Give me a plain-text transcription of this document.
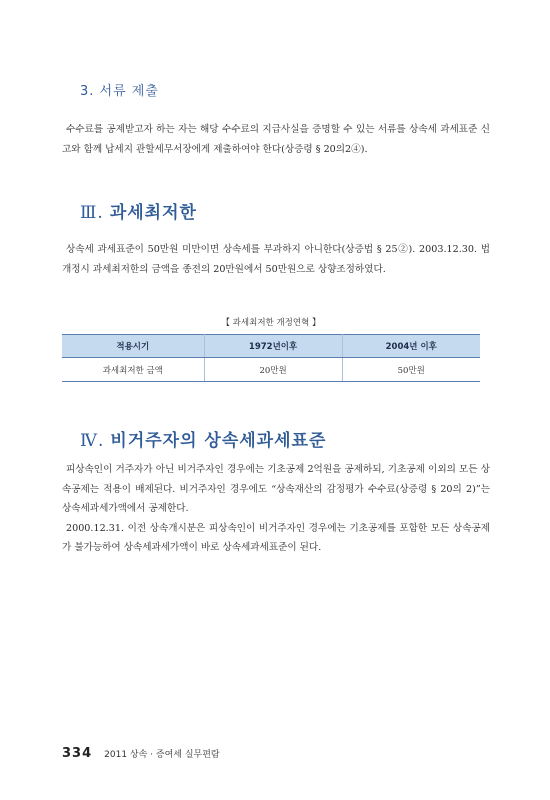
3. 서류 제출

수수료를 공제받고자 하는 자는 해당 수수료의 지급사실을 증명할 수 있는 서류를 상속세 과세표준 신고와 함께 납세지 관할세무서장에게 제출하여야 한다(상증령 § 20의2④).

Ⅲ. 과세최저한

상속세 과세표준이 50만원 미만이면 상속세를 부과하지 아니한다(상증법 § 25②). 2003.12.30. 법개정시 과세최저한의 금액을 종전의 20만원에서 50만원으로 상향조정하였다.

【 과세최저한 개정연혁 】
적용시기	1972년이후	2004년 이후
과세최저한 금액	20만원	50만원
Ⅳ. 비거주자의 상속세과세표준

피상속인이 거주자가 아닌 비거주자인 경우에는 기초공제 2억원을 공제하되, 기초공제 이외의 모든 상속공제는 적용이 배제된다. 비거주자인 경우에도 “상속재산의 감정평가 수수료(상증령 § 20의 2)”는 상속세과세가액에서 공제한다.

2000.12.31. 이전 상속개시분은 피상속인이 비거주자인 경우에는 기초공제를 포함한 모든 상속공제가 불가능하여 상속세과세가액이 바로 상속세과세표준이 된다.

334 2011 상속 · 증여세 실무편람
